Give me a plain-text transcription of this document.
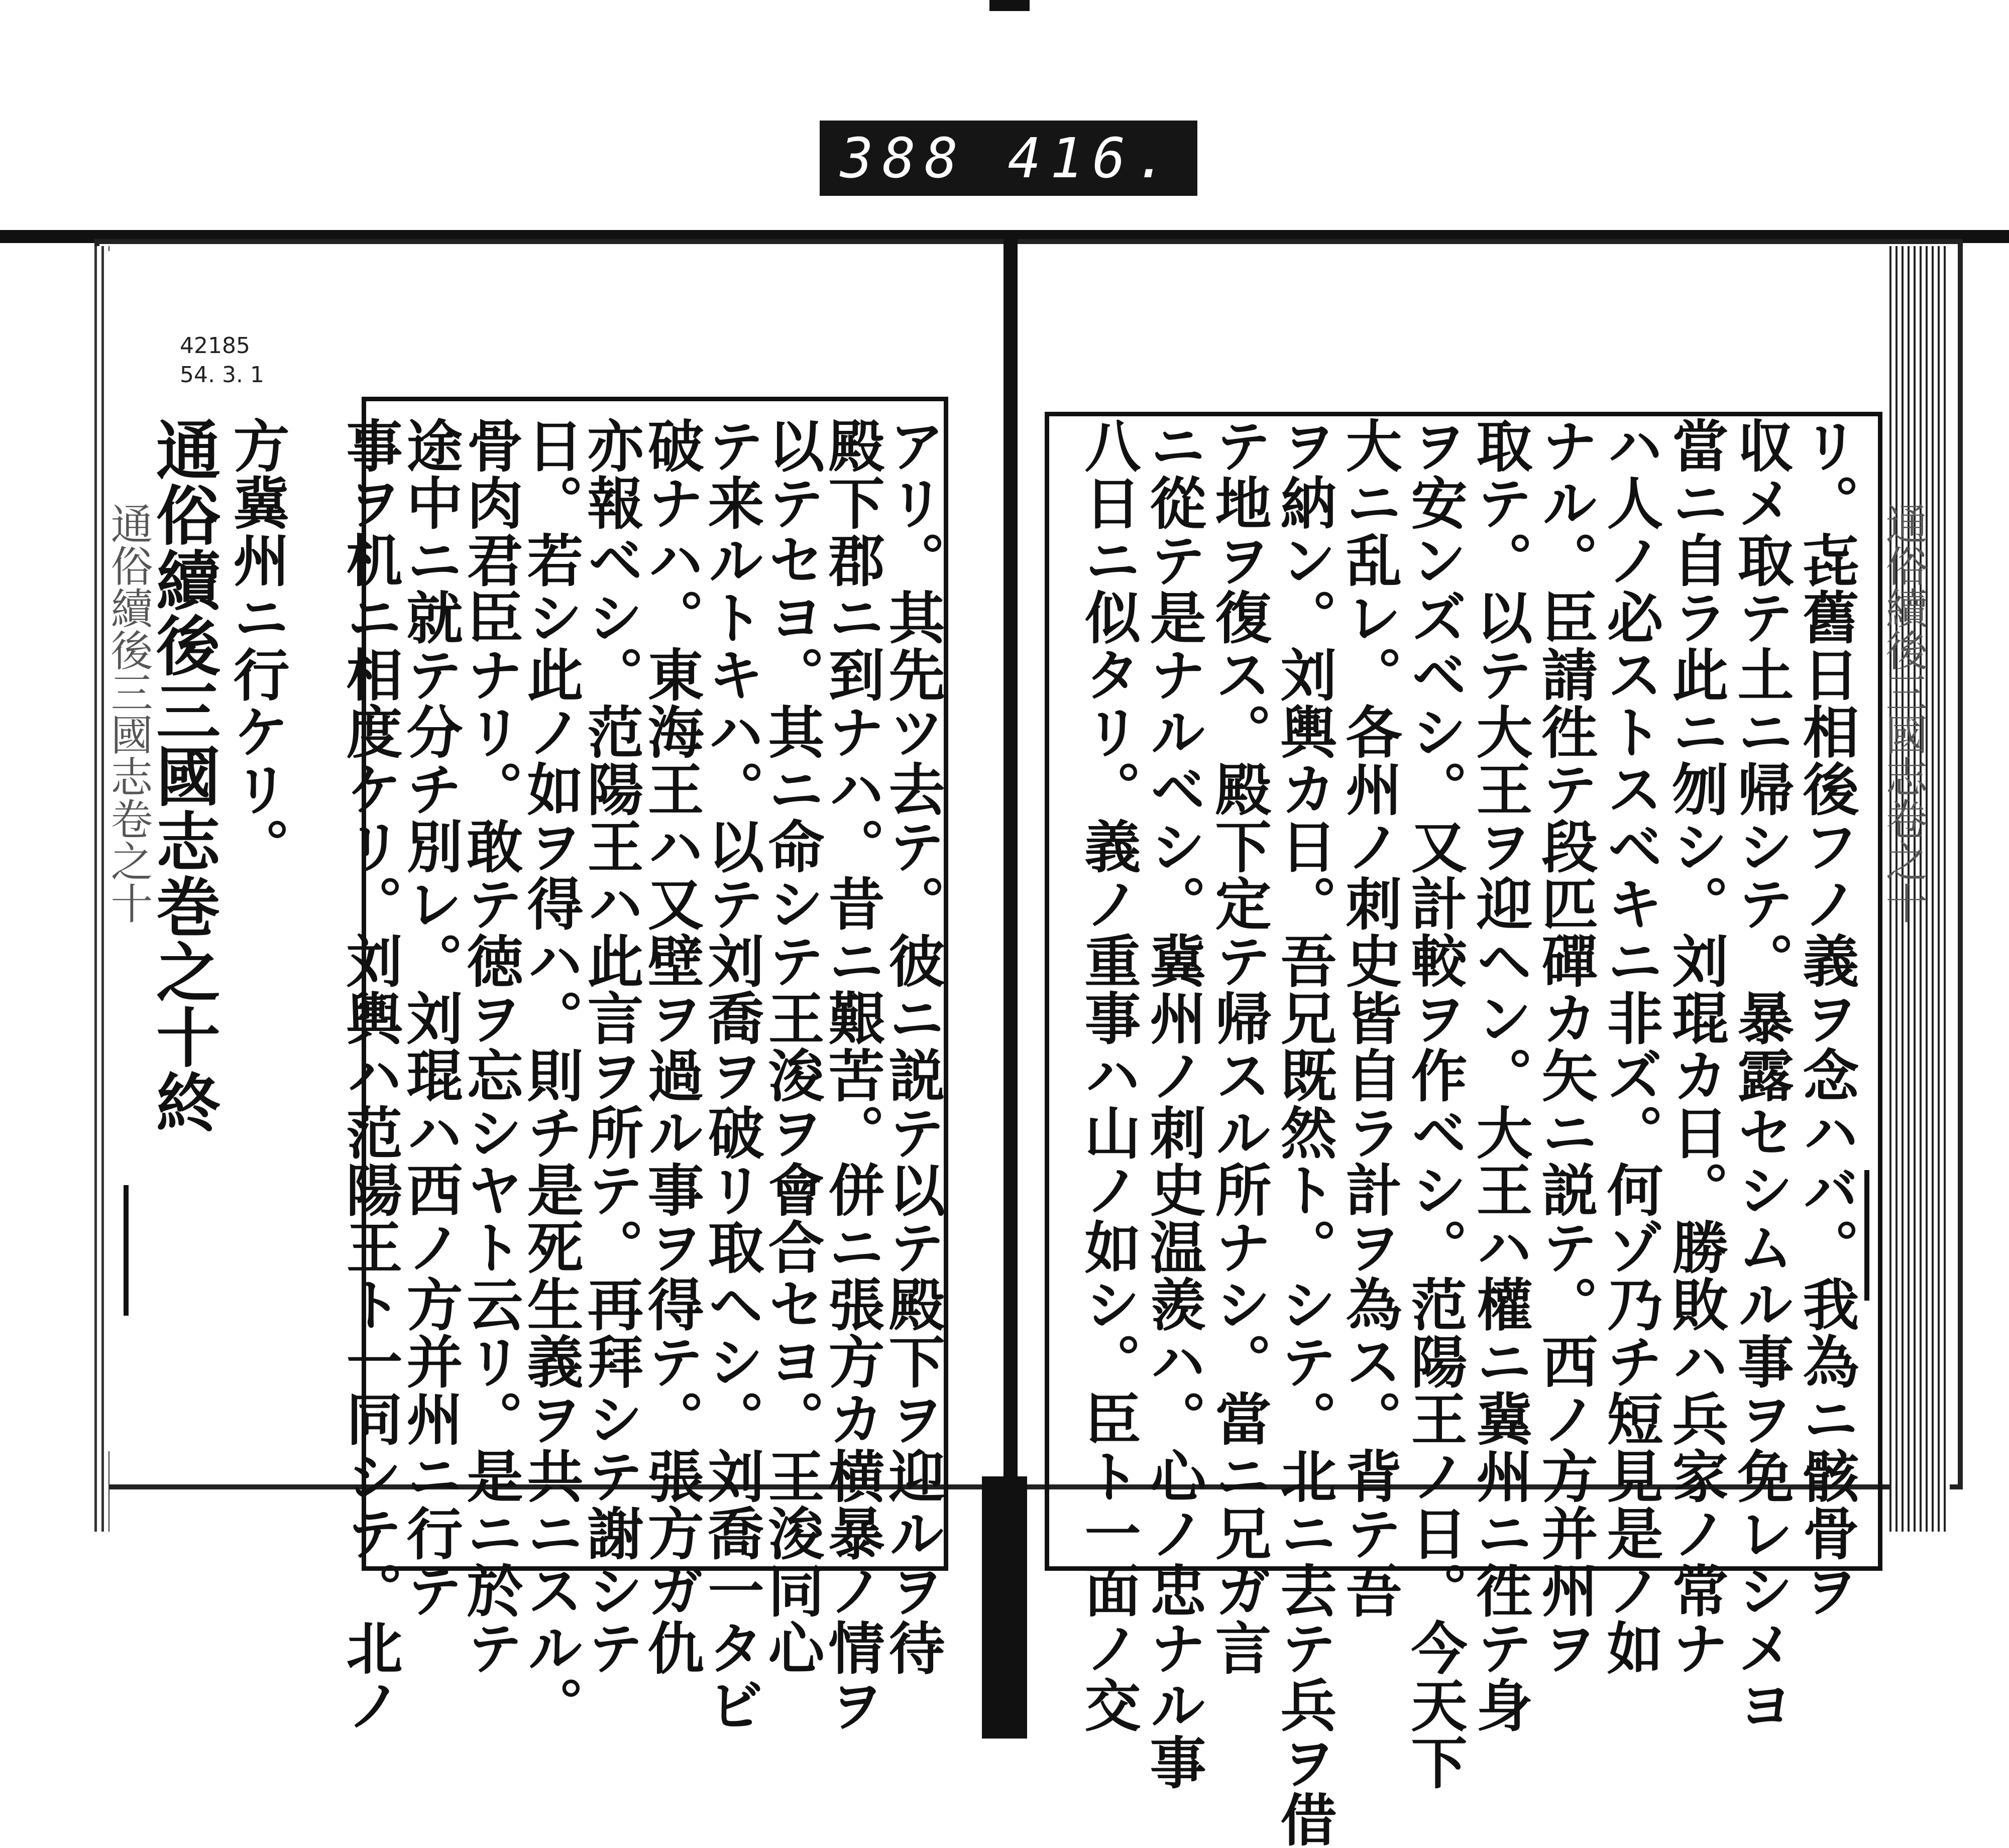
388 416.
42185
54. 3. 1
通俗續後三國志卷之十
リ。㐂舊日相後フノ義ヲ念ハバ。我為ニ骸骨ヲ
収メ取テ土ニ帰シテ。暴露セシムル事ヲ免レシメヨ
當ニ自ラ此ニ刎シ。刘琨カ日。勝敗ハ兵家ノ常ナ
ハ人ノ必ストスベキニ非ズ。何ゾ乃チ短見是ノ如
ナル。臣請徃テ段匹磾カ矢ニ説テ。西ノ方并州ヲ
取テ。以テ大王ヲ迎ヘン。大王ハ權ニ冀州ニ徃テ身
ヲ安ンズベシ。又計較ヲ作ベシ。范陽王ノ日。今天下
大ニ乱レ。各州ノ刺史皆自ラ計ヲ為ス。背テ吾
ヲ納ン。刘輿カ日。吾兄既然ト。シテ。北ニ去テ兵ヲ借
テ地ヲ復ス。殿下定テ帰スル所ナシ。當ニ兄ガ言
ニ從テ是ナルベシ。冀州ノ刺史温羨ハ。心ノ忠ナル事
八日ニ似タリ。義ノ重事ハ山ノ如シ。臣ト一面ノ交
通俗續後三國志卷之十	アリ。其先ツ去テ。彼ニ説テ以テ殿下ヲ迎ルヲ待
殿下郡ニ到ナハ。昔ニ艱苦。併ニ張方カ横暴ノ情ヲ
以テセヨ。其ニ命シテ王浚ヲ會合セヨ。王浚同心
テ来ルトキハ。以テ刘喬ヲ破リ取ヘシ。刘喬一タビ
破ナハ。東海王ハ又壁ヲ過ル事ヲ得テ。張方ガ仇
亦報ベシ。范陽王ハ此言ヲ所テ。再拜シテ謝シテ
日。若シ此ノ如ヲ得ハ。則チ是死生義ヲ共ニスル。
骨肉君臣ナリ。敢テ徳ヲ忘シヤト云リ。是ニ於テ
途中ニ就テ分チ別レ。刘琨ハ西ノ方并州ニ行テ
事ヲ机ニ相度ケリ。刘輿ハ范陽王ト一同シテ。北ノ
方冀州ニ行ケリ。
通俗續後三國志巻之十終
